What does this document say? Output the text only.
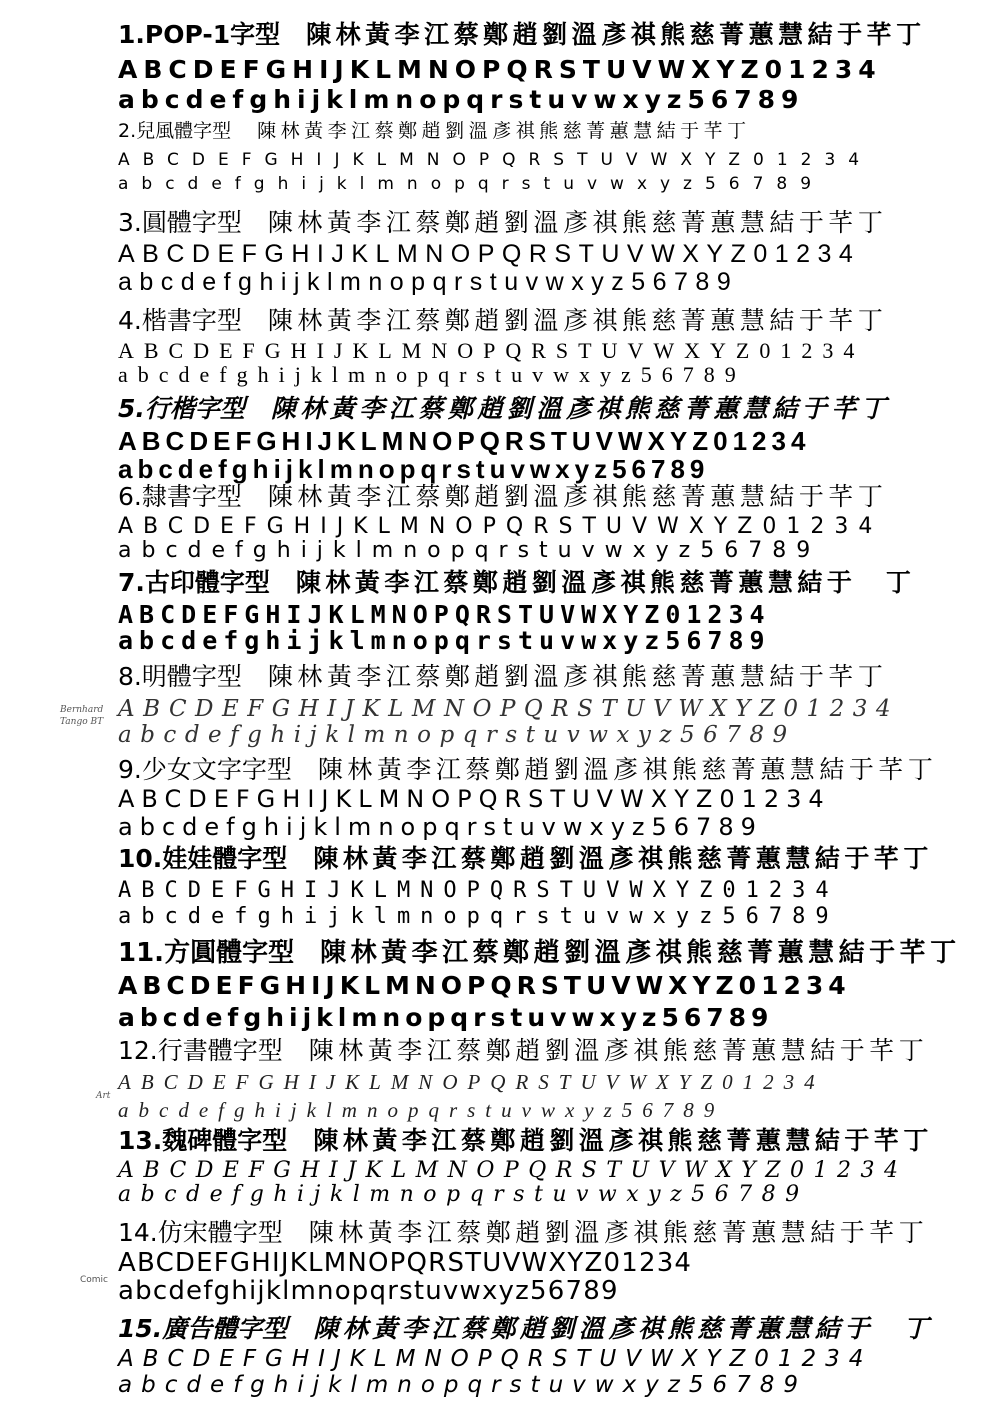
1.POP-1字型 陳林黃李江蔡鄭趙劉溫彥祺熊慈菁蕙慧結于芊丁
ABCDEFGHIJKLMNOPQRSTUVWXYZ01234
abcdefghijklmnopqrstuvwxyz56789
2.兒風體字型 陳林黃李江蔡鄭趙劉溫彥祺熊慈菁蕙慧結于芊丁
ABCDEFGHIJKLMNOPQRSTUVWXYZ01234
abcdefghijklmnopqrstuvwxyz56789
3.圓體字型 陳林黃李江蔡鄭趙劉溫彥祺熊慈菁蕙慧結于芊丁
ABCDEFGHIJKLMNOPQRSTUVWXYZ01234
abcdefghijklmnopqrstuvwxyz56789
4.楷書字型 陳林黃李江蔡鄭趙劉溫彥祺熊慈菁蕙慧結于芊丁
ABCDEFGHIJKLMNOPQRSTUVWXYZ01234
abcdefghijklmnopqrstuvwxyz56789
5.行楷字型 陳林黃李江蔡鄭趙劉溫彥祺熊慈菁蕙慧結于芊丁
ABCDEFGHIJKLMNOPQRSTUVWXYZ01234
abcdefghijklmnopqrstuvwxyz56789
6.隸書字型 陳林黃李江蔡鄭趙劉溫彥祺熊慈菁蕙慧結于芊丁
ABCDEFGHIJKLMNOPQRSTUVWXYZ01234
abcdefghijklmnopqrstuvwxyz56789
7.古印體字型 陳林黃李江蔡鄭趙劉溫彥祺熊慈菁蕙慧結于　丁
ABCDEFGHIJKLMNOPQRSTUVWXYZ01234
abcdefghijklmnopqrstuvwxyz56789
8.明體字型 陳林黃李江蔡鄭趙劉溫彥祺熊慈菁蕙慧結于芊丁
Bernhard Tango BT ABCDEFGHIJKLMNOPQRSTUVWXYZ01234
abcdefghijklmnopqrstuvwxyz56789
9.少女文字字型 陳林黃李江蔡鄭趙劉溫彥祺熊慈菁蕙慧結于芊丁
ABCDEFGHIJKLMNOPQRSTUVWXYZ01234
abcdefghijklmnopqrstuvwxyz56789
10.娃娃體字型 陳林黃李江蔡鄭趙劉溫彥祺熊慈菁蕙慧結于芊丁
ABCDEFGHIJKLMNOPQRSTUVWXYZ01234
abcdefghijklmnopqrstuvwxyz56789
11.方圓體字型 陳林黃李江蔡鄭趙劉溫彥祺熊慈菁蕙慧結于芊丁
ABCDEFGHIJKLMNOPQRSTUVWXYZ01234
abcdefghijklmnopqrstuvwxyz56789
12.行書體字型 陳林黃李江蔡鄭趙劉溫彥祺熊慈菁蕙慧結于芊丁
Art
ABCDEFGHIJKLMNOPQRSTUVWXYZ01234
abcdefghijklmnopqrstuvwxyz56789
13.魏碑體字型 陳林黃李江蔡鄭趙劉溫彥祺熊慈菁蕙慧結于芊丁
ABCDEFGHIJKLMNOPQRSTUVWXYZ01234
abcdefghijklmnopqrstuvwxyz56789
14.仿宋體字型 陳林黃李江蔡鄭趙劉溫彥祺熊慈菁蕙慧結于芊丁
Comic
ABCDEFGHIJKLMNOPQRSTUVWXYZ01234
abcdefghijklmnopqrstuvwxyz56789
15.廣告體字型 陳林黃李江蔡鄭趙劉溫彥祺熊慈菁蕙慧結于　丁
ABCDEFGHIJKLMNOPQRSTUVWXYZ01234
abcdefghijklmnopqrstuvwxyz56789
